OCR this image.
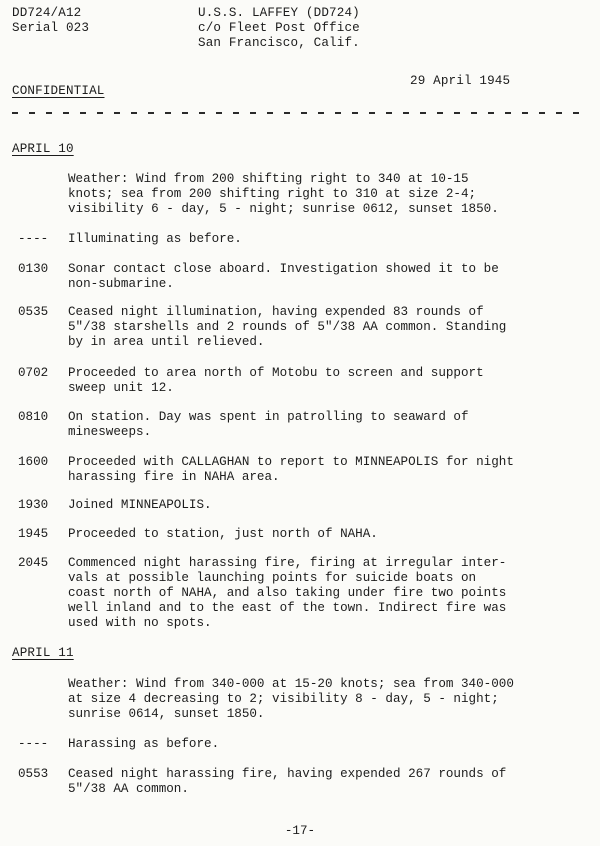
DD724/A12
Serial 023
U.S.S. LAFFEY (DD724)
c/o Fleet Post Office
San Francisco, Calif.
29 April 1945
CONFIDENTIAL
APRIL 10
Weather: Wind from 200 shifting right to 340 at 10-15
knots; sea from 200 shifting right to 310 at size 2-4;
visibility 6 - day, 5 - night; sunrise 0612, sunset 1850.
----	Illuminating as before.
0130	Sonar contact close aboard. Investigation showed it to be
non-submarine.
0535	Ceased night illumination, having expended 83 rounds of
5"/38 starshells and 2 rounds of 5"/38 AA common. Standing
by in area until relieved.
0702	Proceeded to area north of Motobu to screen and support
sweep unit 12.
0810	On station. Day was spent in patrolling to seaward of
minesweeps.
1600	Proceeded with CALLAGHAN to report to MINNEAPOLIS for night
harassing fire in NAHA area.
1930	Joined MINNEAPOLIS.
1945	Proceeded to station, just north of NAHA.
2045	Commenced night harassing fire, firing at irregular inter-
vals at possible launching points for suicide boats on
coast north of NAHA, and also taking under fire two points
well inland and to the east of the town. Indirect fire was
used with no spots.
APRIL 11
Weather: Wind from 340-000 at 15-20 knots; sea from 340-000
at size 4 decreasing to 2; visibility 8 - day, 5 - night;
sunrise 0614, sunset 1850.
----	Harassing as before.
0553	Ceased night harassing fire, having expended 267 rounds of
5"/38 AA common.
-17-
